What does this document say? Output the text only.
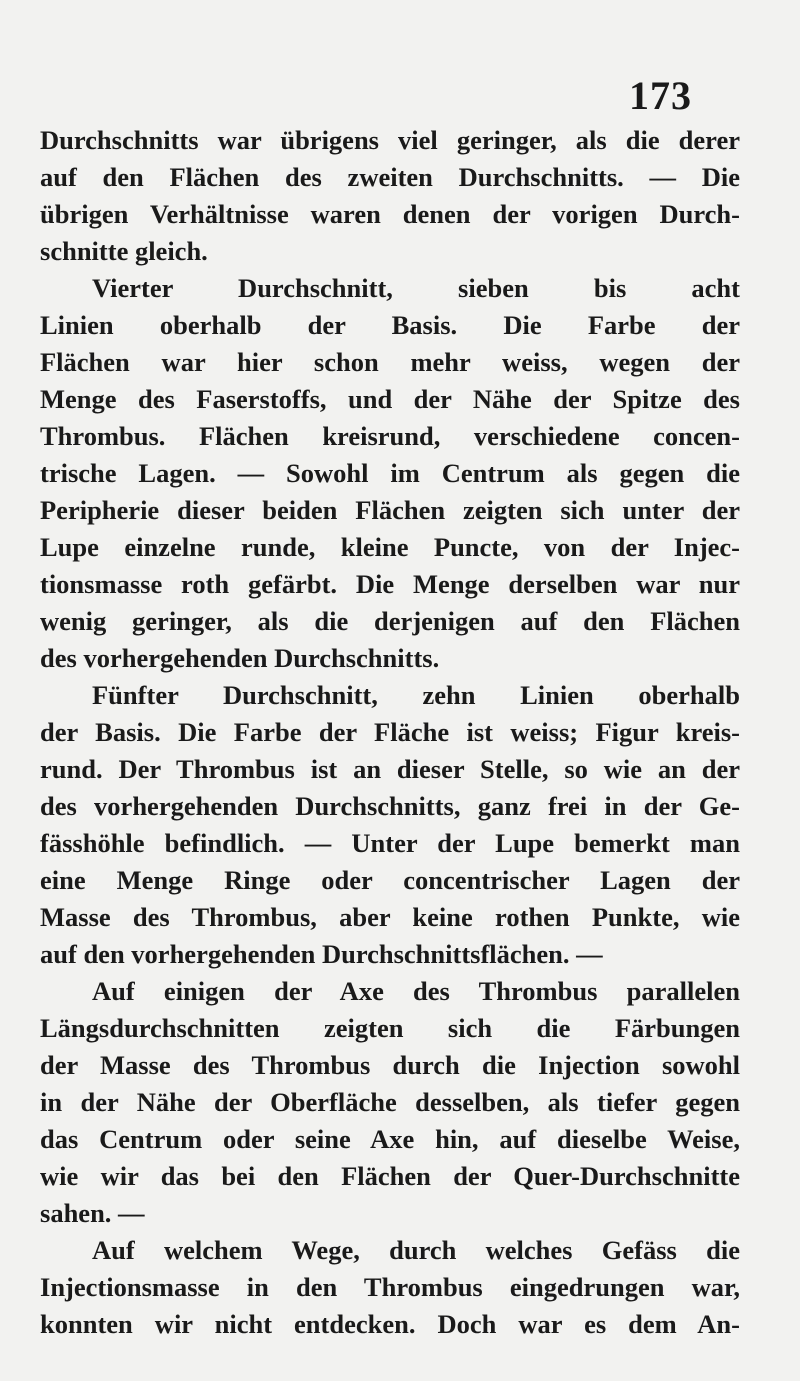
173
Durchschnitts war übrigens viel geringer, als die derer
auf den Flächen des zweiten Durchschnitts. — Die
übrigen Verhältnisse waren denen der vorigen Durch-
schnitte gleich.
Vierter Durchschnitt, sieben bis acht
Linien oberhalb der Basis. Die Farbe der
Flächen war hier schon mehr weiss, wegen der
Menge des Faserstoffs, und der Nähe der Spitze des
Thrombus. Flächen kreisrund, verschiedene concen-
trische Lagen. — Sowohl im Centrum als gegen die
Peripherie dieser beiden Flächen zeigten sich unter der
Lupe einzelne runde, kleine Puncte, von der Injec-
tionsmasse roth gefärbt. Die Menge derselben war nur
wenig geringer, als die derjenigen auf den Flächen
des vorhergehenden Durchschnitts.
Fünfter Durchschnitt, zehn Linien oberhalb
der Basis. Die Farbe der Fläche ist weiss; Figur kreis-
rund. Der Thrombus ist an dieser Stelle, so wie an der
des vorhergehenden Durchschnitts, ganz frei in der Ge-
fässhöhle befindlich. — Unter der Lupe bemerkt man
eine Menge Ringe oder concentrischer Lagen der
Masse des Thrombus, aber keine rothen Punkte, wie
auf den vorhergehenden Durchschnittsflächen. —
Auf einigen der Axe des Thrombus parallelen
Längsdurchschnitten zeigten sich die Färbungen
der Masse des Thrombus durch die Injection sowohl
in der Nähe der Oberfläche desselben, als tiefer gegen
das Centrum oder seine Axe hin, auf dieselbe Weise,
wie wir das bei den Flächen der Quer-Durchschnitte
sahen. —
Auf welchem Wege, durch welches Gefäss die
Injectionsmasse in den Thrombus eingedrungen war,
konnten wir nicht entdecken. Doch war es dem An-
